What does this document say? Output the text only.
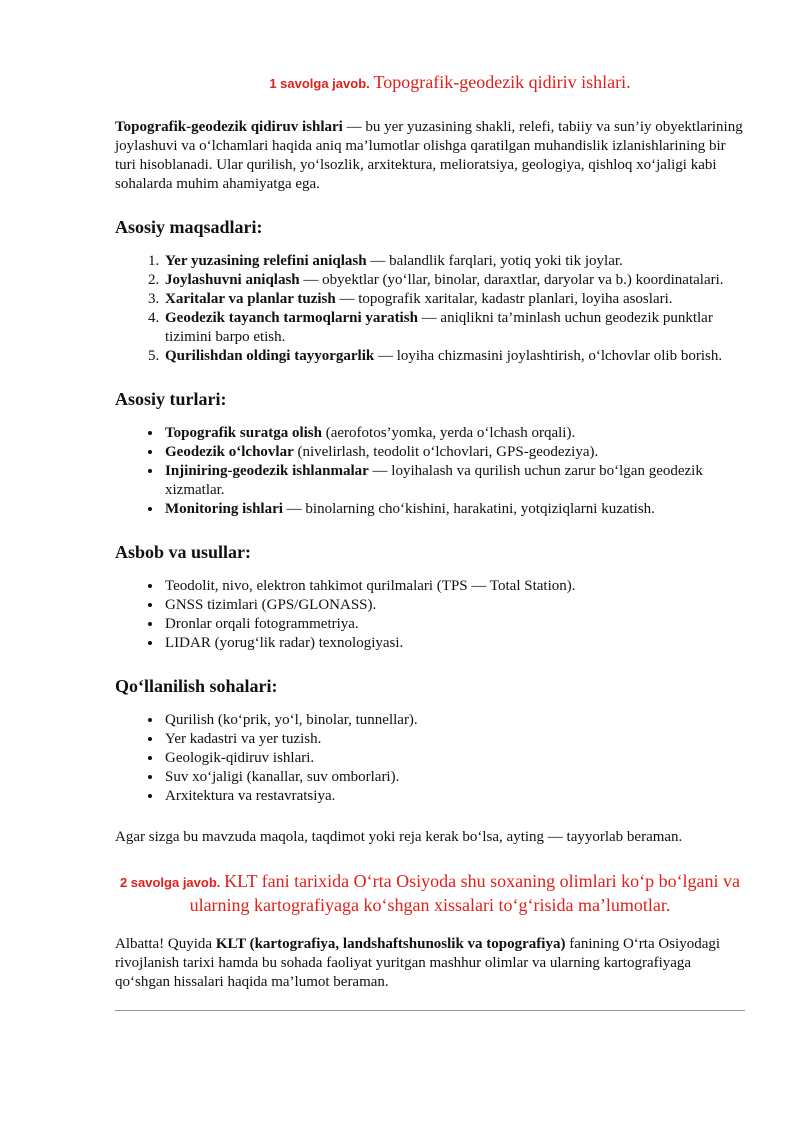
1 savolga javob. Topografik-geodezik qidiriv ishlari.

Topografik-geodezik qidiruv ishlari — bu yer yuzasining shakli, relefi, tabiiy va sun’iy obyektlarining joylashuvi va o‘lchamlari haqida aniq ma’lumotlar olishga qaratilgan muhandislik izlanishlarining bir turi hisoblanadi. Ular qurilish, yo‘lsozlik, arxitektura, melioratsiya, geologiya, qishloq xo‘jaligi kabi sohalarda muhim ahamiyatga ega.

Asosiy maqsadlari:
1. Yer yuzasining relefini aniqlash — balandlik farqlari, yotiq yoki tik joylar.
2. Joylashuvni aniqlash — obyektlar (yo‘llar, binolar, daraxtlar, daryolar va b.) koordinatalari.
3. Xaritalar va planlar tuzish — topografik xaritalar, kadastr planlari, loyiha asoslari.
4. Geodezik tayanch tarmoqlarni yaratish — aniqlikni ta’minlash uchun geodezik punktlar tizimini barpo etish.
5. Qurilishdan oldingi tayyorgarlik — loyiha chizmasini joylashtirish, o‘lchovlar olib borish.
Asosiy turlari:
• Topografik suratga olish (aerofotos’yomka, yerda o‘lchash orqali).
• Geodezik o‘lchovlar (nivelirlash, teodolit o‘lchovlari, GPS-geodeziya).
• Injiniring-geodezik ishlanmalar — loyihalash va qurilish uchun zarur bo‘lgan geodezik xizmatlar.
• Monitoring ishlari — binolarning cho‘kishini, harakatini, yotqiziqlarni kuzatish.
Asbob va usullar:
• Teodolit, nivo, elektron tahkimot qurilmalari (TPS — Total Station).
• GNSS tizimlari (GPS/GLONASS).
• Dronlar orqali fotogrammetriya.
• LIDAR (yorug‘lik radar) texnologiyasi.
Qo‘llanilish sohalari:
• Qurilish (ko‘prik, yo‘l, binolar, tunnellar).
• Yer kadastri va yer tuzish.
• Geologik-qidiruv ishlari.
• Suv xo‘jaligi (kanallar, suv omborlari).
• Arxitektura va restavratsiya.

Agar sizga bu mavzuda maqola, taqdimot yoki reja kerak bo‘lsa, ayting — tayyorlab beraman.

2 savolga javob. KLT fani tarixida O‘rta Osiyoda shu soxaning olimlari ko‘p bo‘lgani va ularning kartografiyaga ko‘shgan xissalari to‘g‘risida ma’lumotlar.

Albatta! Quyida KLT (kartografiya, landshaftshunoslik va topografiya) fanining O‘rta Osiyodagi rivojlanish tarixi hamda bu sohada faoliyat yuritgan mashhur olimlar va ularning kartografiyaga qo‘shgan hissalari haqida ma’lumot beraman.
